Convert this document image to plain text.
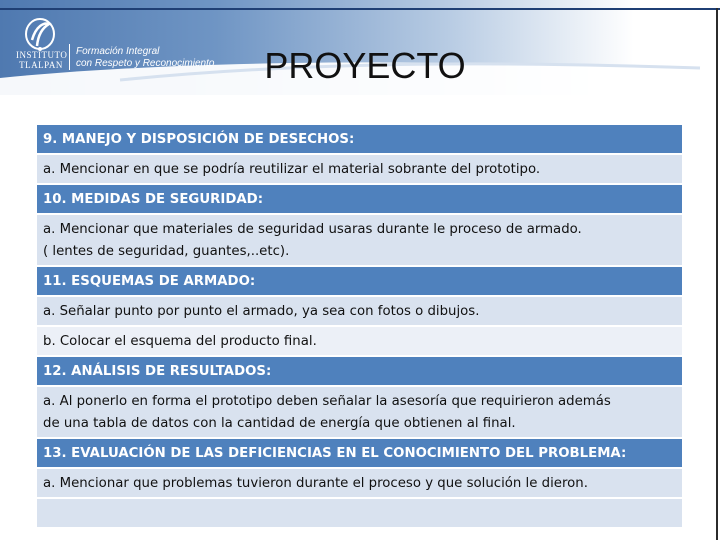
INSTITUTO
TLALPAN
Formación Integral
con Respeto y Reconocimiento PROYECTO
9. MANEJO Y DISPOSICIÓN DE DESECHOS:
a. Mencionar en que se podría reutilizar el material sobrante del prototipo.
10. MEDIDAS DE SEGURIDAD:
a. Mencionar que materiales de seguridad usaras durante le proceso de armado.
( lentes de seguridad, guantes,..etc).
11. ESQUEMAS DE ARMADO:
a. Señalar punto por punto el armado, ya sea con fotos o dibujos.
b. Colocar el esquema del producto final.
12. ANÁLISIS DE RESULTADOS:
a. Al ponerlo en forma el prototipo deben señalar la asesoría que requirieron además
de una tabla de datos con la cantidad de energía que obtienen al final.
13. EVALUACIÓN DE LAS DEFICIENCIAS EN EL CONOCIMIENTO DEL PROBLEMA:
a. Mencionar que problemas tuvieron durante el proceso y que solución le dieron.
